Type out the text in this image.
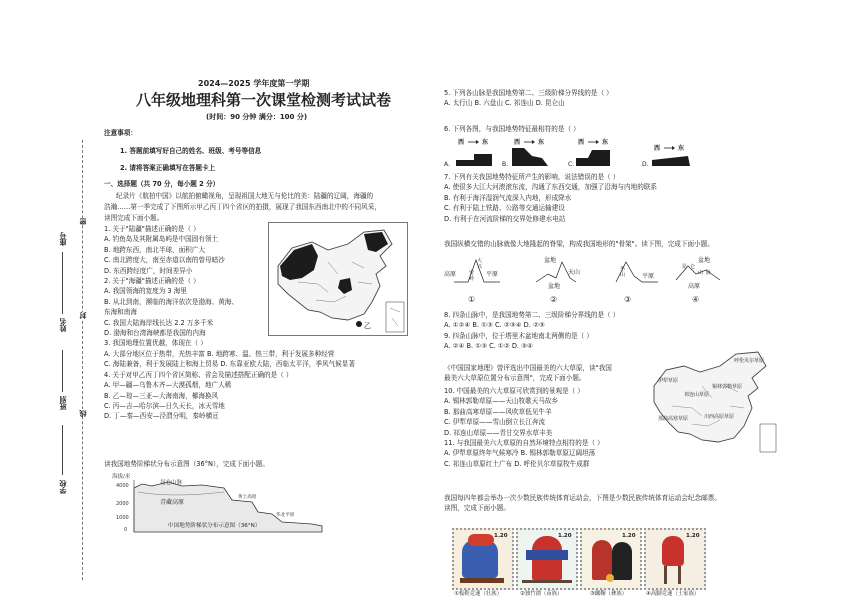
2024—2025 学年度第一学期
八年级地理科第一次课堂检测考试试卷
(时间：90 分钟 满分：100 分)
密
封
线
座号
姓名
班别
学校
注意事项：
1. 答题前填写好自己的姓名、班级、考号等信息
2. 请将答案正确填写在答题卡上
一、选择题（共 70 分，每小题 2 分）
纪录片《航拍中国》以航拍俯瞰视角，呈现祖国大地无与伦比的美：陆疆的辽阔，海疆的
浩瀚……第一季完成了下图所示甲乙丙丁四个省区的拍摄，展现了我国东西南北中的不同风采，
读图完成下面小题。
1. 关于"陆疆"描述正确的是（ ）
A. 钓鱼岛及其附属岛屿是中国固有领土
B. 地跨东西，南北半球，面积广大
C. 南北跨度大，南至赤道以南的曾母暗沙
D. 东西跨经度广，时间差异小
2. 关于"海疆"描述正确的是（ ）
A. 我国领海的宽度为 3 海里
B. 从北到南，濒临的海洋依次是渤海、黄海、
东海和南海
C. 我国大陆海岸线长达 2.2 万多千米
D. 渤海和台湾海峡都是我国的内海
3. 我国地理位置优越，体现在（ ）
A. 大部分地区位于热带，光热丰富 B. 地跨寒、温、热三带，利于发展多种经营
C. 海陆兼备，利于发展陆上和海上贸易 D. 东靠亚欧大陆，西临太平洋，季风气候显著
4. 关于对甲乙丙丁四个省区简称、省会及描述搭配正确的是（ ）
A. 甲—疆—乌鲁木齐—大漠孤烟，地广人稀
B. 乙—琼—三亚—大海南海，椰海换风
C. 丙—吉—哈尔滨—日久天长，冰天雪地
D. 丁—秦—西安—泾渭分明，秦岭横亘
乙
读我国地势阶梯状分布示意图（36°N），完成下面小题。
海拔/米
4000
2000
1000
0
昆仑山脉
青藏高原
黄土高原
华北平原
中国地势阶梯状分布示意图（36°N）
5. 下列各山脉是我国地势第二、三级阶梯分界线的是（ ）
A. 太行山 B. 六盘山 C. 祁连山 D. 昆仑山
6. 下列各图，与我国地势特征最相符的是（ ）
A.
西	东
B.
西	东
C.
西	东
D.
西	东
7. 下列有关我国地势特征所产生的影响，说法错误的是（ ）
A. 使很多大江大河滚滚东流，沟通了东西交通，加强了沿海与内地的联系
B. 有利于海洋湿润气流深入内地，形成降水
C. 有利于陆上铁路、公路等交通运输建设
D. 有利于在河流阶梯的交界处修建水电站
我国纵横交错的山脉就像大地隆起的脊梁，构成我国地形的"骨架"。读下图，完成下面小题。
高原
大
兴
安
岭
平原
①
盆地
天山
盆地
②
巫
山	平原
③
盆地
昆 仑
山 脉
高原
④
8. 四条山脉中，是我国地势第二、三级阶梯分界线的是（ ）
A. ①②④ B. ①③ C. ②③④ D. ②③
9. 四条山脉中，位于塔里木盆地南北两侧的是（ ）
A. ②④ B. ①③ C. ①② D. ③④
《中国国家地理》曾评选出中国最美的六大草原，读"我国
最美六大草原位置分布示意图"，完成下面小题。
10. 中国最美的六大草原可欣赏到的景观是（ ）
A. 锡林郭勒草原——天山牧歌天马故乡
B. 那曲高寒草原——风吹草低见牛羊
C. 伊犁草原——雪山倒立长江奔流
D. 祁连山草原——青甘交界水草丰美
11. 与我国最美六大草原的自然环境特点相符的是（ ）
A. 伊犁草原终年气候寒冷 B. 锡林郭勒草原辽阔坦荡
C. 祁连山草原红土广布 D. 呼伦贝尔草原牧牛成群
呼伦贝尔草原
伊犁草原
锡林郭勒草原
祁连山草原
那曲高寒草原	川西高原草原
我国每四年都会举办一次少数民族传统体育运动会，下图是少数民族传统体育运动会纪念邮票。
读图，完成下面小题。
1.20
①板鞋竞速（壮族）
1.20
②独竹漂（苗族）
1.20
③蹴鞠（彝族）
1.20
④高脚竞速（土家族）
